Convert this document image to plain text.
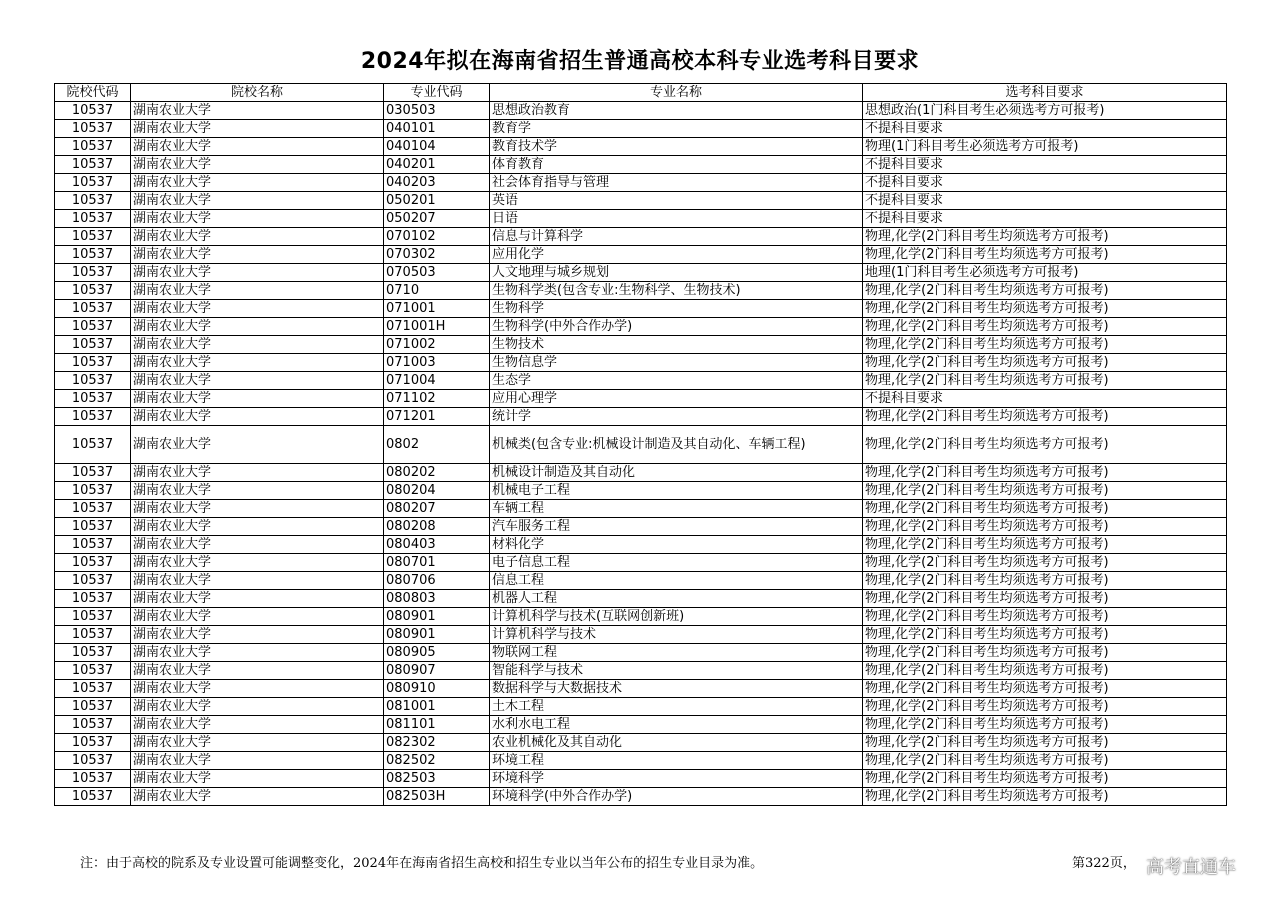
2024年拟在海南省招生普通高校本科专业选考科目要求
院校代码	院校名称	专业代码	专业名称	选考科目要求
10537	湖南农业大学	030503	思想政治教育	思想政治(1门科目考生必须选考方可报考)
10537	湖南农业大学	040101	教育学	不提科目要求
10537	湖南农业大学	040104	教育技术学	物理(1门科目考生必须选考方可报考)
10537	湖南农业大学	040201	体育教育	不提科目要求
10537	湖南农业大学	040203	社会体育指导与管理	不提科目要求
10537	湖南农业大学	050201	英语	不提科目要求
10537	湖南农业大学	050207	日语	不提科目要求
10537	湖南农业大学	070102	信息与计算科学	物理,化学(2门科目考生均须选考方可报考)
10537	湖南农业大学	070302	应用化学	物理,化学(2门科目考生均须选考方可报考)
10537	湖南农业大学	070503	人文地理与城乡规划	地理(1门科目考生必须选考方可报考)
10537	湖南农业大学	0710	生物科学类(包含专业:生物科学、生物技术)	物理,化学(2门科目考生均须选考方可报考)
10537	湖南农业大学	071001	生物科学	物理,化学(2门科目考生均须选考方可报考)
10537	湖南农业大学	071001H	生物科学(中外合作办学)	物理,化学(2门科目考生均须选考方可报考)
10537	湖南农业大学	071002	生物技术	物理,化学(2门科目考生均须选考方可报考)
10537	湖南农业大学	071003	生物信息学	物理,化学(2门科目考生均须选考方可报考)
10537	湖南农业大学	071004	生态学	物理,化学(2门科目考生均须选考方可报考)
10537	湖南农业大学	071102	应用心理学	不提科目要求
10537	湖南农业大学	071201	统计学	物理,化学(2门科目考生均须选考方可报考)
10537	湖南农业大学	0802	机械类(包含专业:机械设计制造及其自动化、车辆工程)	物理,化学(2门科目考生均须选考方可报考)
10537	湖南农业大学	080202	机械设计制造及其自动化	物理,化学(2门科目考生均须选考方可报考)
10537	湖南农业大学	080204	机械电子工程	物理,化学(2门科目考生均须选考方可报考)
10537	湖南农业大学	080207	车辆工程	物理,化学(2门科目考生均须选考方可报考)
10537	湖南农业大学	080208	汽车服务工程	物理,化学(2门科目考生均须选考方可报考)
10537	湖南农业大学	080403	材料化学	物理,化学(2门科目考生均须选考方可报考)
10537	湖南农业大学	080701	电子信息工程	物理,化学(2门科目考生均须选考方可报考)
10537	湖南农业大学	080706	信息工程	物理,化学(2门科目考生均须选考方可报考)
10537	湖南农业大学	080803	机器人工程	物理,化学(2门科目考生均须选考方可报考)
10537	湖南农业大学	080901	计算机科学与技术(互联网创新班)	物理,化学(2门科目考生均须选考方可报考)
10537	湖南农业大学	080901	计算机科学与技术	物理,化学(2门科目考生均须选考方可报考)
10537	湖南农业大学	080905	物联网工程	物理,化学(2门科目考生均须选考方可报考)
10537	湖南农业大学	080907	智能科学与技术	物理,化学(2门科目考生均须选考方可报考)
10537	湖南农业大学	080910	数据科学与大数据技术	物理,化学(2门科目考生均须选考方可报考)
10537	湖南农业大学	081001	土木工程	物理,化学(2门科目考生均须选考方可报考)
10537	湖南农业大学	081101	水利水电工程	物理,化学(2门科目考生均须选考方可报考)
10537	湖南农业大学	082302	农业机械化及其自动化	物理,化学(2门科目考生均须选考方可报考)
10537	湖南农业大学	082502	环境工程	物理,化学(2门科目考生均须选考方可报考)
10537	湖南农业大学	082503	环境科学	物理,化学(2门科目考生均须选考方可报考)
10537	湖南农业大学	082503H	环境科学(中外合作办学)	物理,化学(2门科目考生均须选考方可报考)
注：由于高校的院系及专业设置可能调整变化，2024年在海南省招生高校和招生专业以当年公布的招生专业目录为准。	第322页， 高考直通车
